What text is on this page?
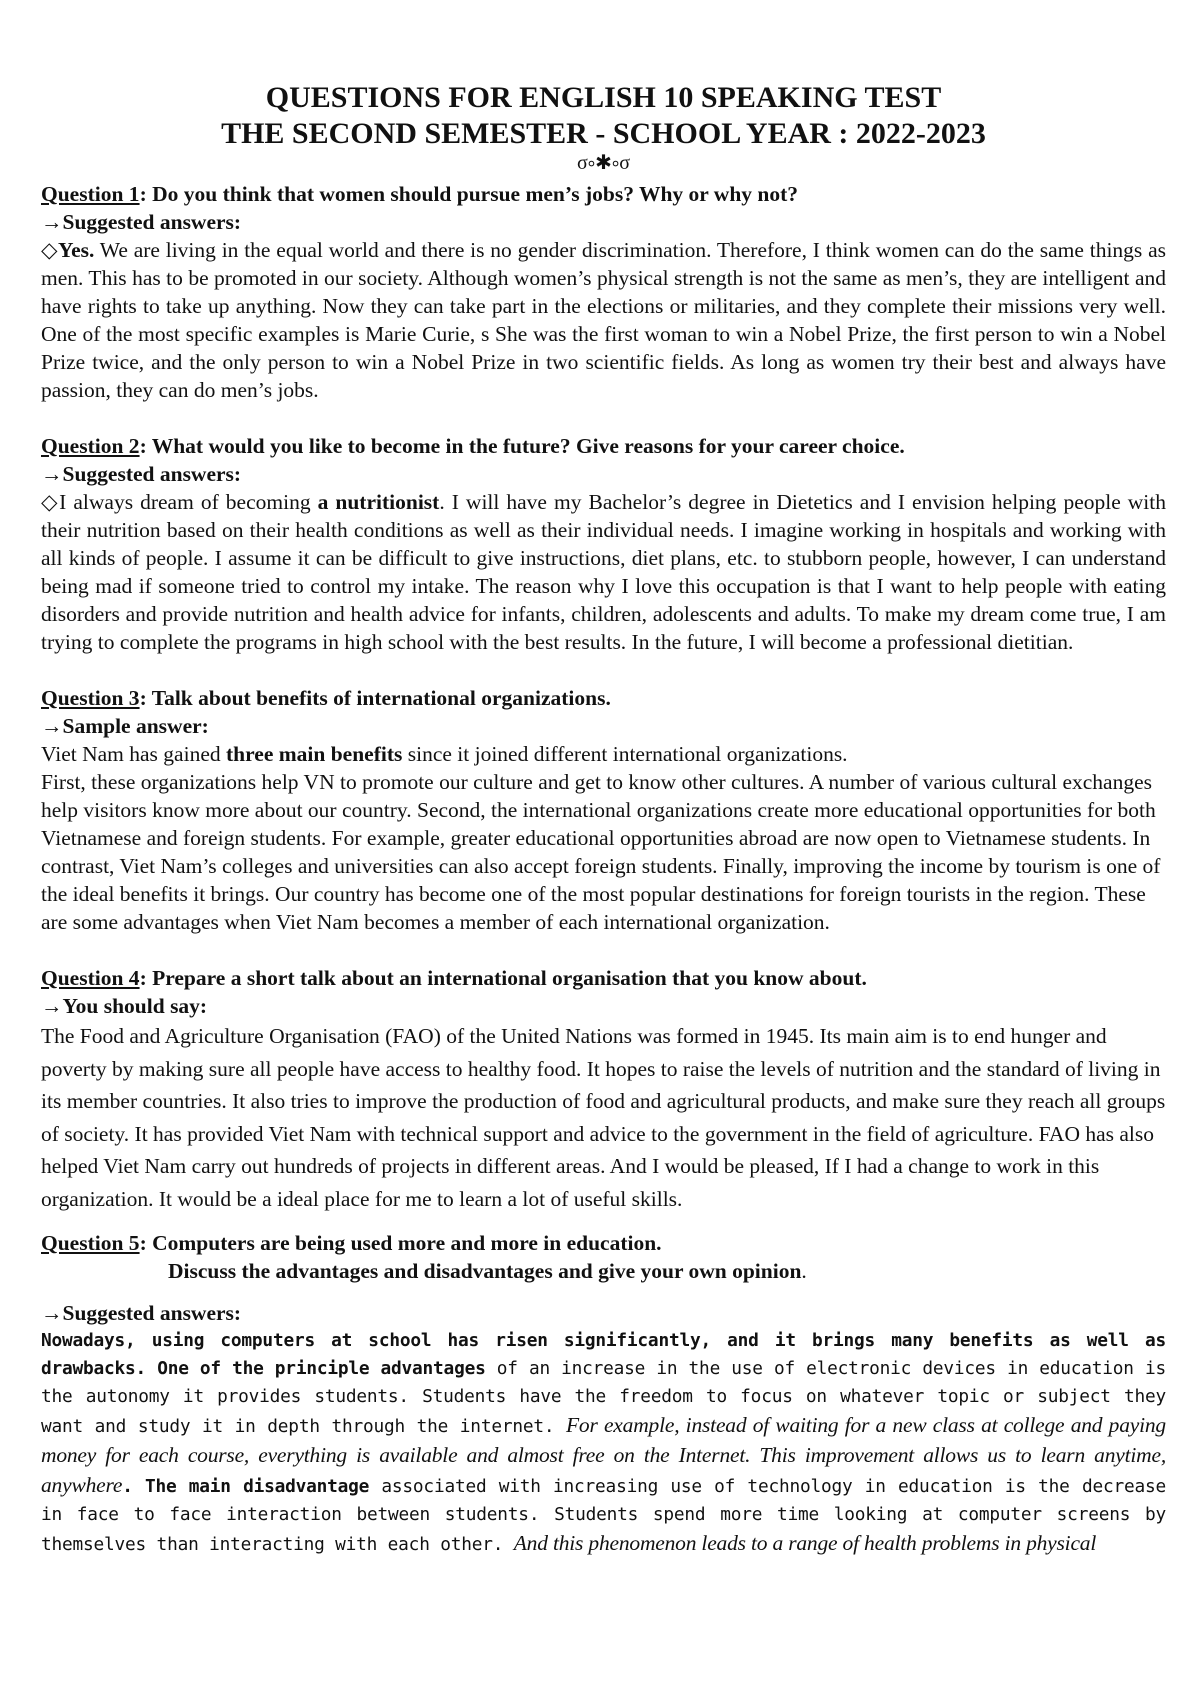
QUESTIONS FOR ENGLISH 10 SPEAKING TEST
THE SECOND SEMESTER - SCHOOL YEAR : 2022-2023
σ༚✱༚σ

Question 1: Do you think that women should pursue men’s jobs? Why or why not?

→Suggested answers:

◇Yes. We are living in the equal world and there is no gender discrimination. Therefore, I think women can do the same things as men. This has to be promoted in our society. Although women’s physical strength is not the same as men’s, they are intelligent and have rights to take up anything. Now they can take part in the elections or militaries, and they complete their missions very well. One of the most specific examples is Marie Curie, s She was the first woman to win a Nobel Prize, the first person to win a Nobel Prize twice, and the only person to win a Nobel Prize in two scientific fields. As long as women try their best and always have passion, they can do men’s jobs.

Question 2: What would you like to become in the future? Give reasons for your career choice.

→Suggested answers:

◇I always dream of becoming a nutritionist. I will have my Bachelor’s degree in Dietetics and I envision helping people with their nutrition based on their health conditions as well as their individual needs. I imagine working in hospitals and working with all kinds of people. I assume it can be difficult to give instructions, diet plans, etc. to stubborn people, however, I can understand being mad if someone tried to control my intake. The reason why I love this occupation is that I want to help people with eating disorders and provide nutrition and health advice for infants, children, adolescents and adults. To make my dream come true, I am trying to complete the programs in high school with the best results. In the future, I will become a professional dietitian.

Question 3: Talk about benefits of international organizations.

→Sample answer:

Viet Nam has gained three main benefits since it joined different international organizations.

First, these organizations help VN to promote our culture and get to know other cultures. A number of various cultural exchanges help visitors know more about our country. Second, the international organizations create more educational opportunities for both Vietnamese and foreign students. For example, greater educational opportunities abroad are now open to Vietnamese students. In contrast, Viet Nam’s colleges and universities can also accept foreign students. Finally, improving the income by tourism is one of the ideal benefits it brings. Our country has become one of the most popular destinations for foreign tourists in the region. These are some advantages when Viet Nam becomes a member of each international organization.

Question 4: Prepare a short talk about an international organisation that you know about.

→You should say:

The Food and Agriculture Organisation (FAO) of the United Nations was formed in 1945. Its main aim is to end hunger and poverty by making sure all people have access to healthy food. It hopes to raise the levels of nutrition and the standard of living in its member countries. It also tries to improve the production of food and agricultural products, and make sure they reach all groups of society. It has provided Viet Nam with technical support and advice to the government in the field of agriculture. FAO has also helped Viet Nam carry out hundreds of projects in different areas. And I would be pleased, If I had a change to work in this organization. It would be a ideal place for me to learn a lot of useful skills.

Question 5: Computers are being used more and more in education.

Discuss the advantages and disadvantages and give your own opinion.

→Suggested answers:

Nowadays, using computers at school has risen significantly, and it brings many benefits as well as drawbacks. One of the principle advantages of an increase in the use of electronic devices in education is the autonomy it provides students. Students have the freedom to focus on whatever topic or subject they want and study it in depth through the internet. For example, instead of waiting for a new class at college and paying money for each course, everything is available and almost free on the Internet. This improvement allows us to learn anytime, anywhere. The main disadvantage associated with increasing use of technology in education is the decrease in face to face interaction between students. Students spend more time looking at computer screens by themselves than interacting with each other. And this phenomenon leads to a range of health problems in physical
